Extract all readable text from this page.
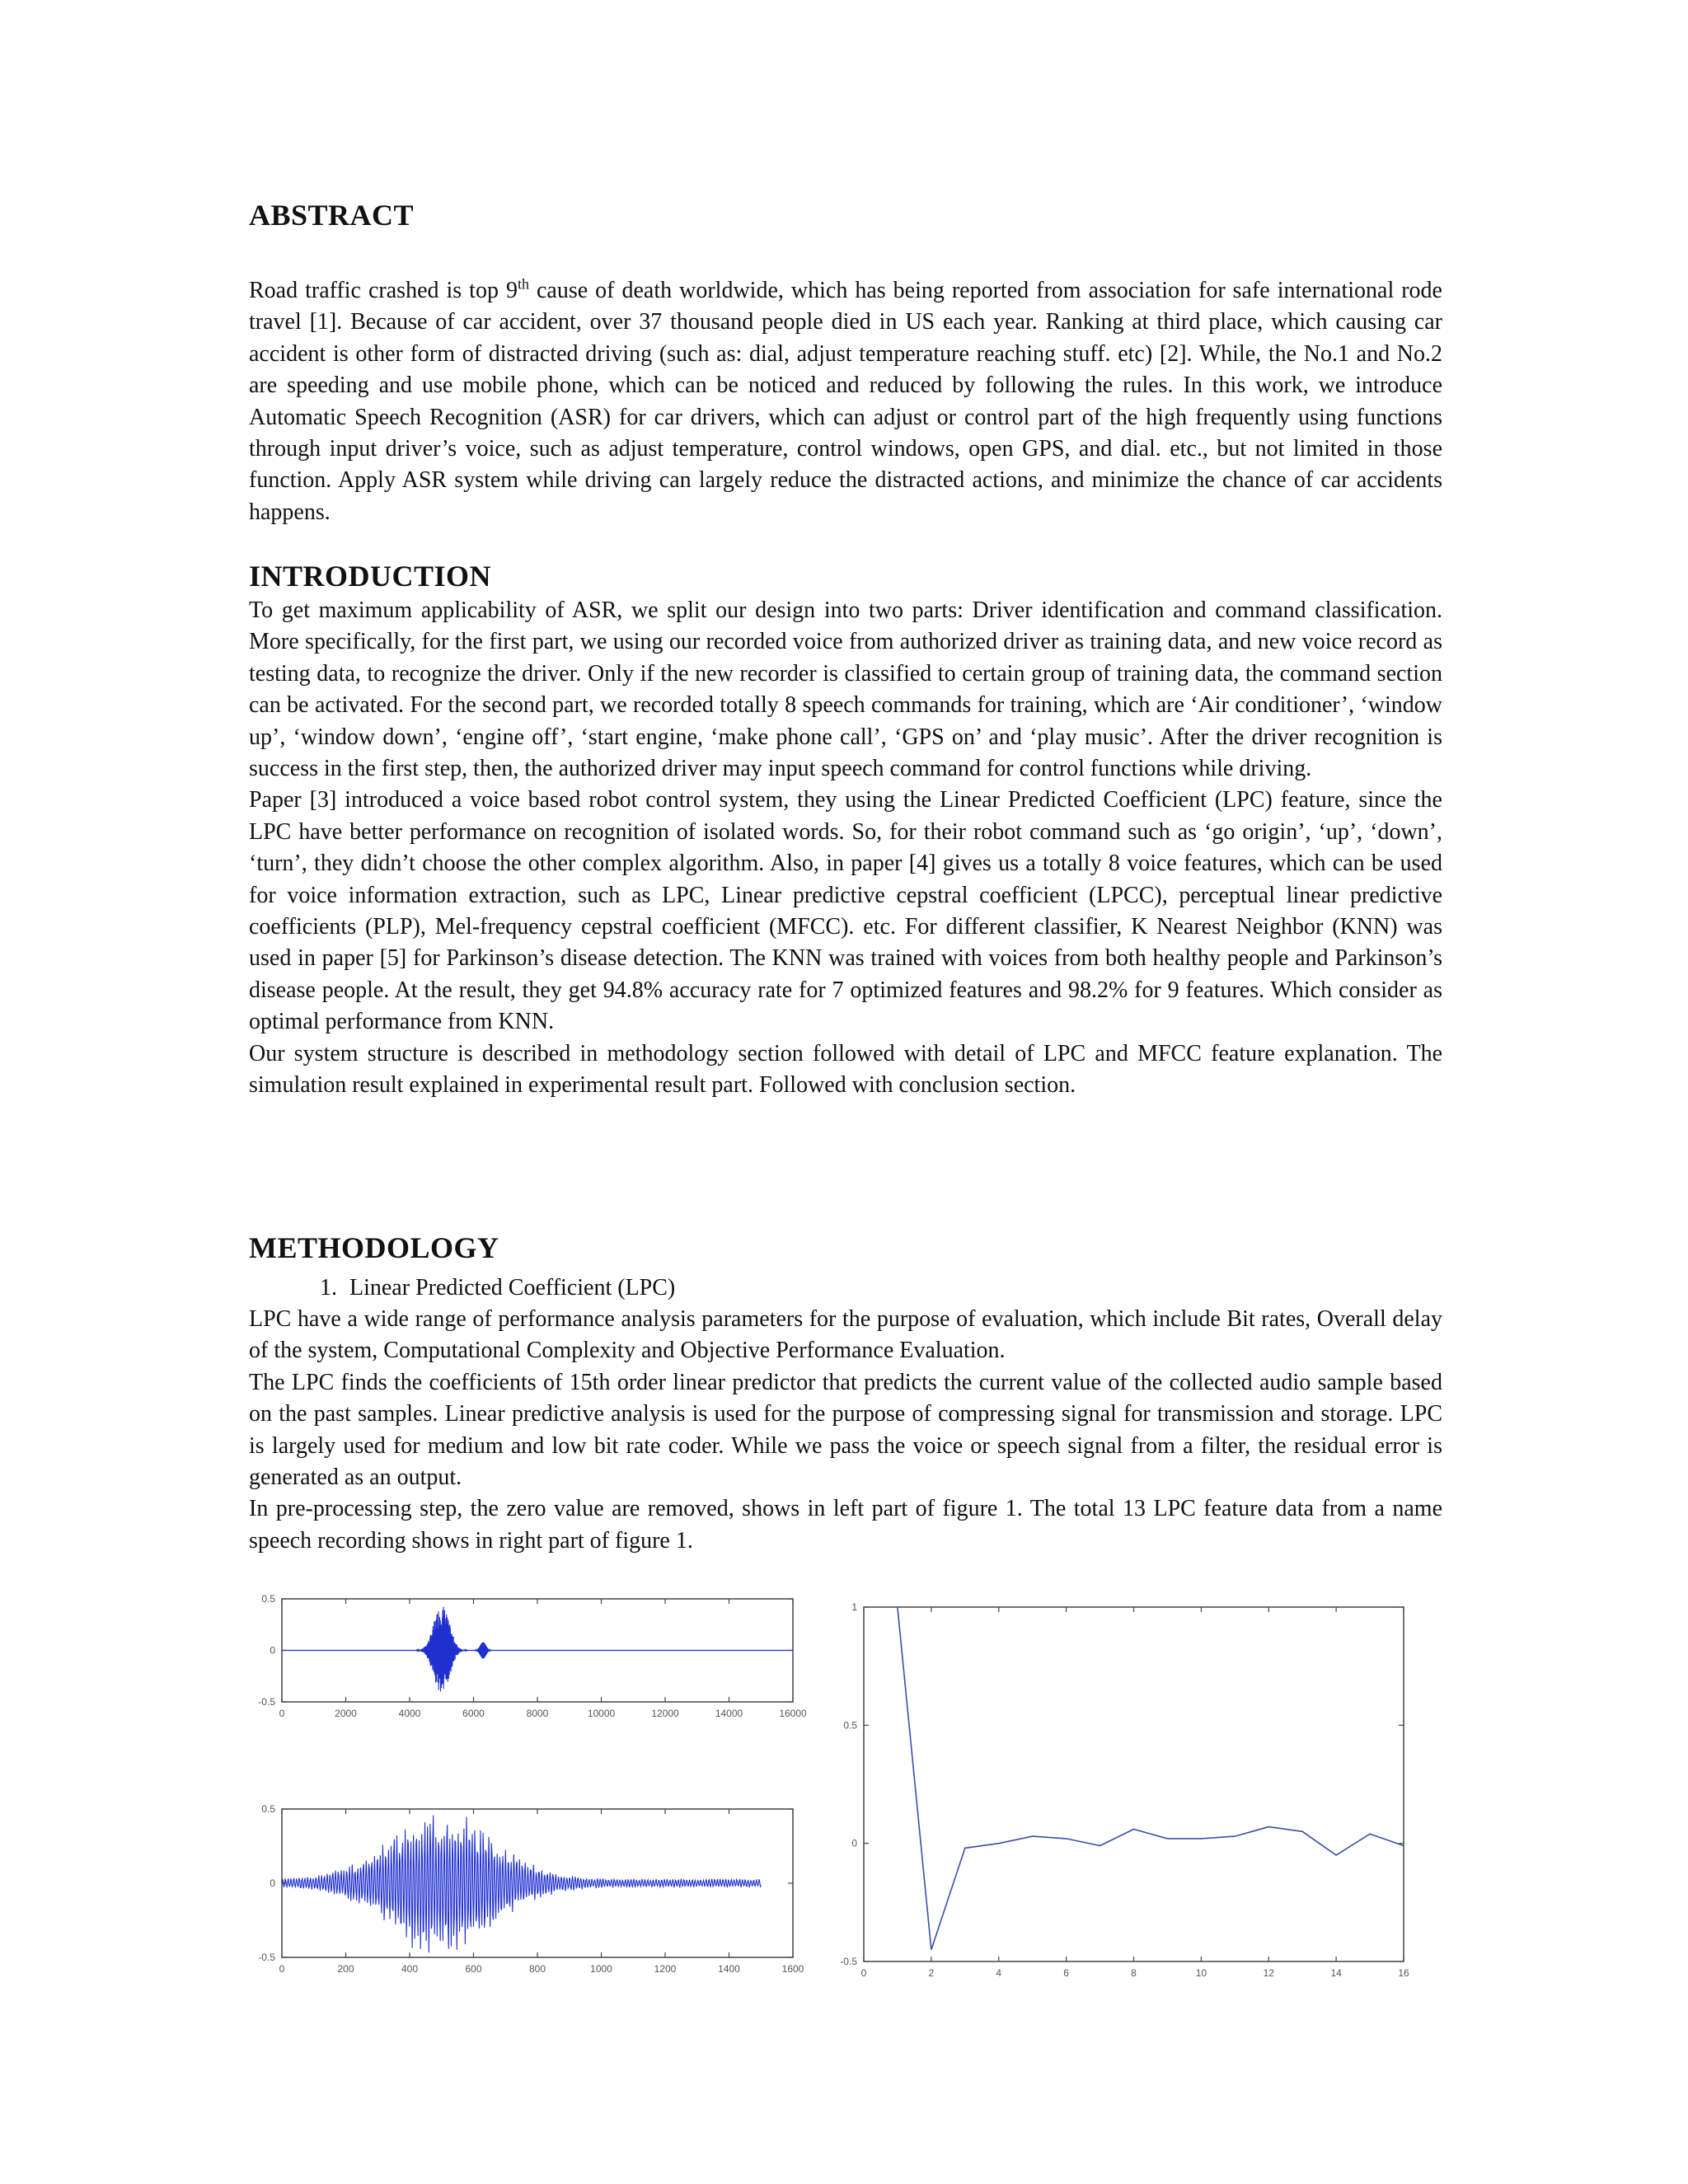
ABSTRACT

Road traffic crashed is top 9th cause of death worldwide, which has being reported from association for safe international rode travel [1]. Because of car accident, over 37 thousand people died in US each year. Ranking at third place, which causing car accident is other form of distracted driving (such as: dial, adjust temperature reaching stuff. etc) [2]. While, the No.1 and No.2 are speeding and use mobile phone, which can be noticed and reduced by following the rules. In this work, we introduce Automatic Speech Recognition (ASR) for car drivers, which can adjust or control part of the high frequently using functions through input driver’s voice, such as adjust temperature, control windows, open GPS, and dial. etc., but not limited in those function. Apply ASR system while driving can largely reduce the distracted actions, and minimize the chance of car accidents happens.

INTRODUCTION

To get maximum applicability of ASR, we split our design into two parts: Driver identification and command classification. More specifically, for the first part, we using our recorded voice from authorized driver as training data, and new voice record as testing data, to recognize the driver. Only if the new recorder is classified to certain group of training data, the command section can be activated. For the second part, we recorded totally 8 speech commands for training, which are ‘Air conditioner’, ‘window up’, ‘window down’, ‘engine off’, ‘start engine, ‘make phone call’, ‘GPS on’ and ‘play music’. After the driver recognition is success in the first step, then, the authorized driver may input speech command for control functions while driving.

Paper [3] introduced a voice based robot control system, they using the Linear Predicted Coefficient (LPC) feature, since the LPC have better performance on recognition of isolated words. So, for their robot command such as ‘go origin’, ‘up’, ‘down’, ‘turn’, they didn’t choose the other complex algorithm. Also, in paper [4] gives us a totally 8 voice features, which can be used for voice information extraction, such as LPC, Linear predictive cepstral coefficient (LPCC), perceptual linear predictive coefficients (PLP), Mel-frequency cepstral coefficient (MFCC). etc. For different classifier, K Nearest Neighbor (KNN) was used in paper [5] for Parkinson’s disease detection. The KNN was trained with voices from both healthy people and Parkinson’s disease people. At the result, they get 94.8% accuracy rate for 7 optimized features and 98.2% for 9 features. Which consider as optimal performance from KNN.

Our system structure is described in methodology section followed with detail of LPC and MFCC feature explanation. The simulation result explained in experimental result part. Followed with conclusion section.

METHODOLOGY

1. Linear Predicted Coefficient (LPC)

LPC have a wide range of performance analysis parameters for the purpose of evaluation, which include Bit rates, Overall delay of the system, Computational Complexity and Objective Performance Evaluation.

The LPC finds the coefficients of 15th order linear predictor that predicts the current value of the collected audio sample based on the past samples. Linear predictive analysis is used for the purpose of compressing signal for transmission and storage. LPC is largely used for medium and low bit rate coder. While we pass the voice or speech signal from a filter, the residual error is generated as an output.

In pre-processing step, the zero value are removed, shows in left part of figure 1. The total 13 LPC feature data from a name speech recording shows in right part of figure 1.

0	2000	4000	6000	8000	10000	12000	14000	16000
0.5
0
-0.5
0	200	400	600	800	1000	1200	1400	1600
0.5
0
-0.5
0	2	4	6	8	10	12	14	16
1
0.5
0
-0.5
